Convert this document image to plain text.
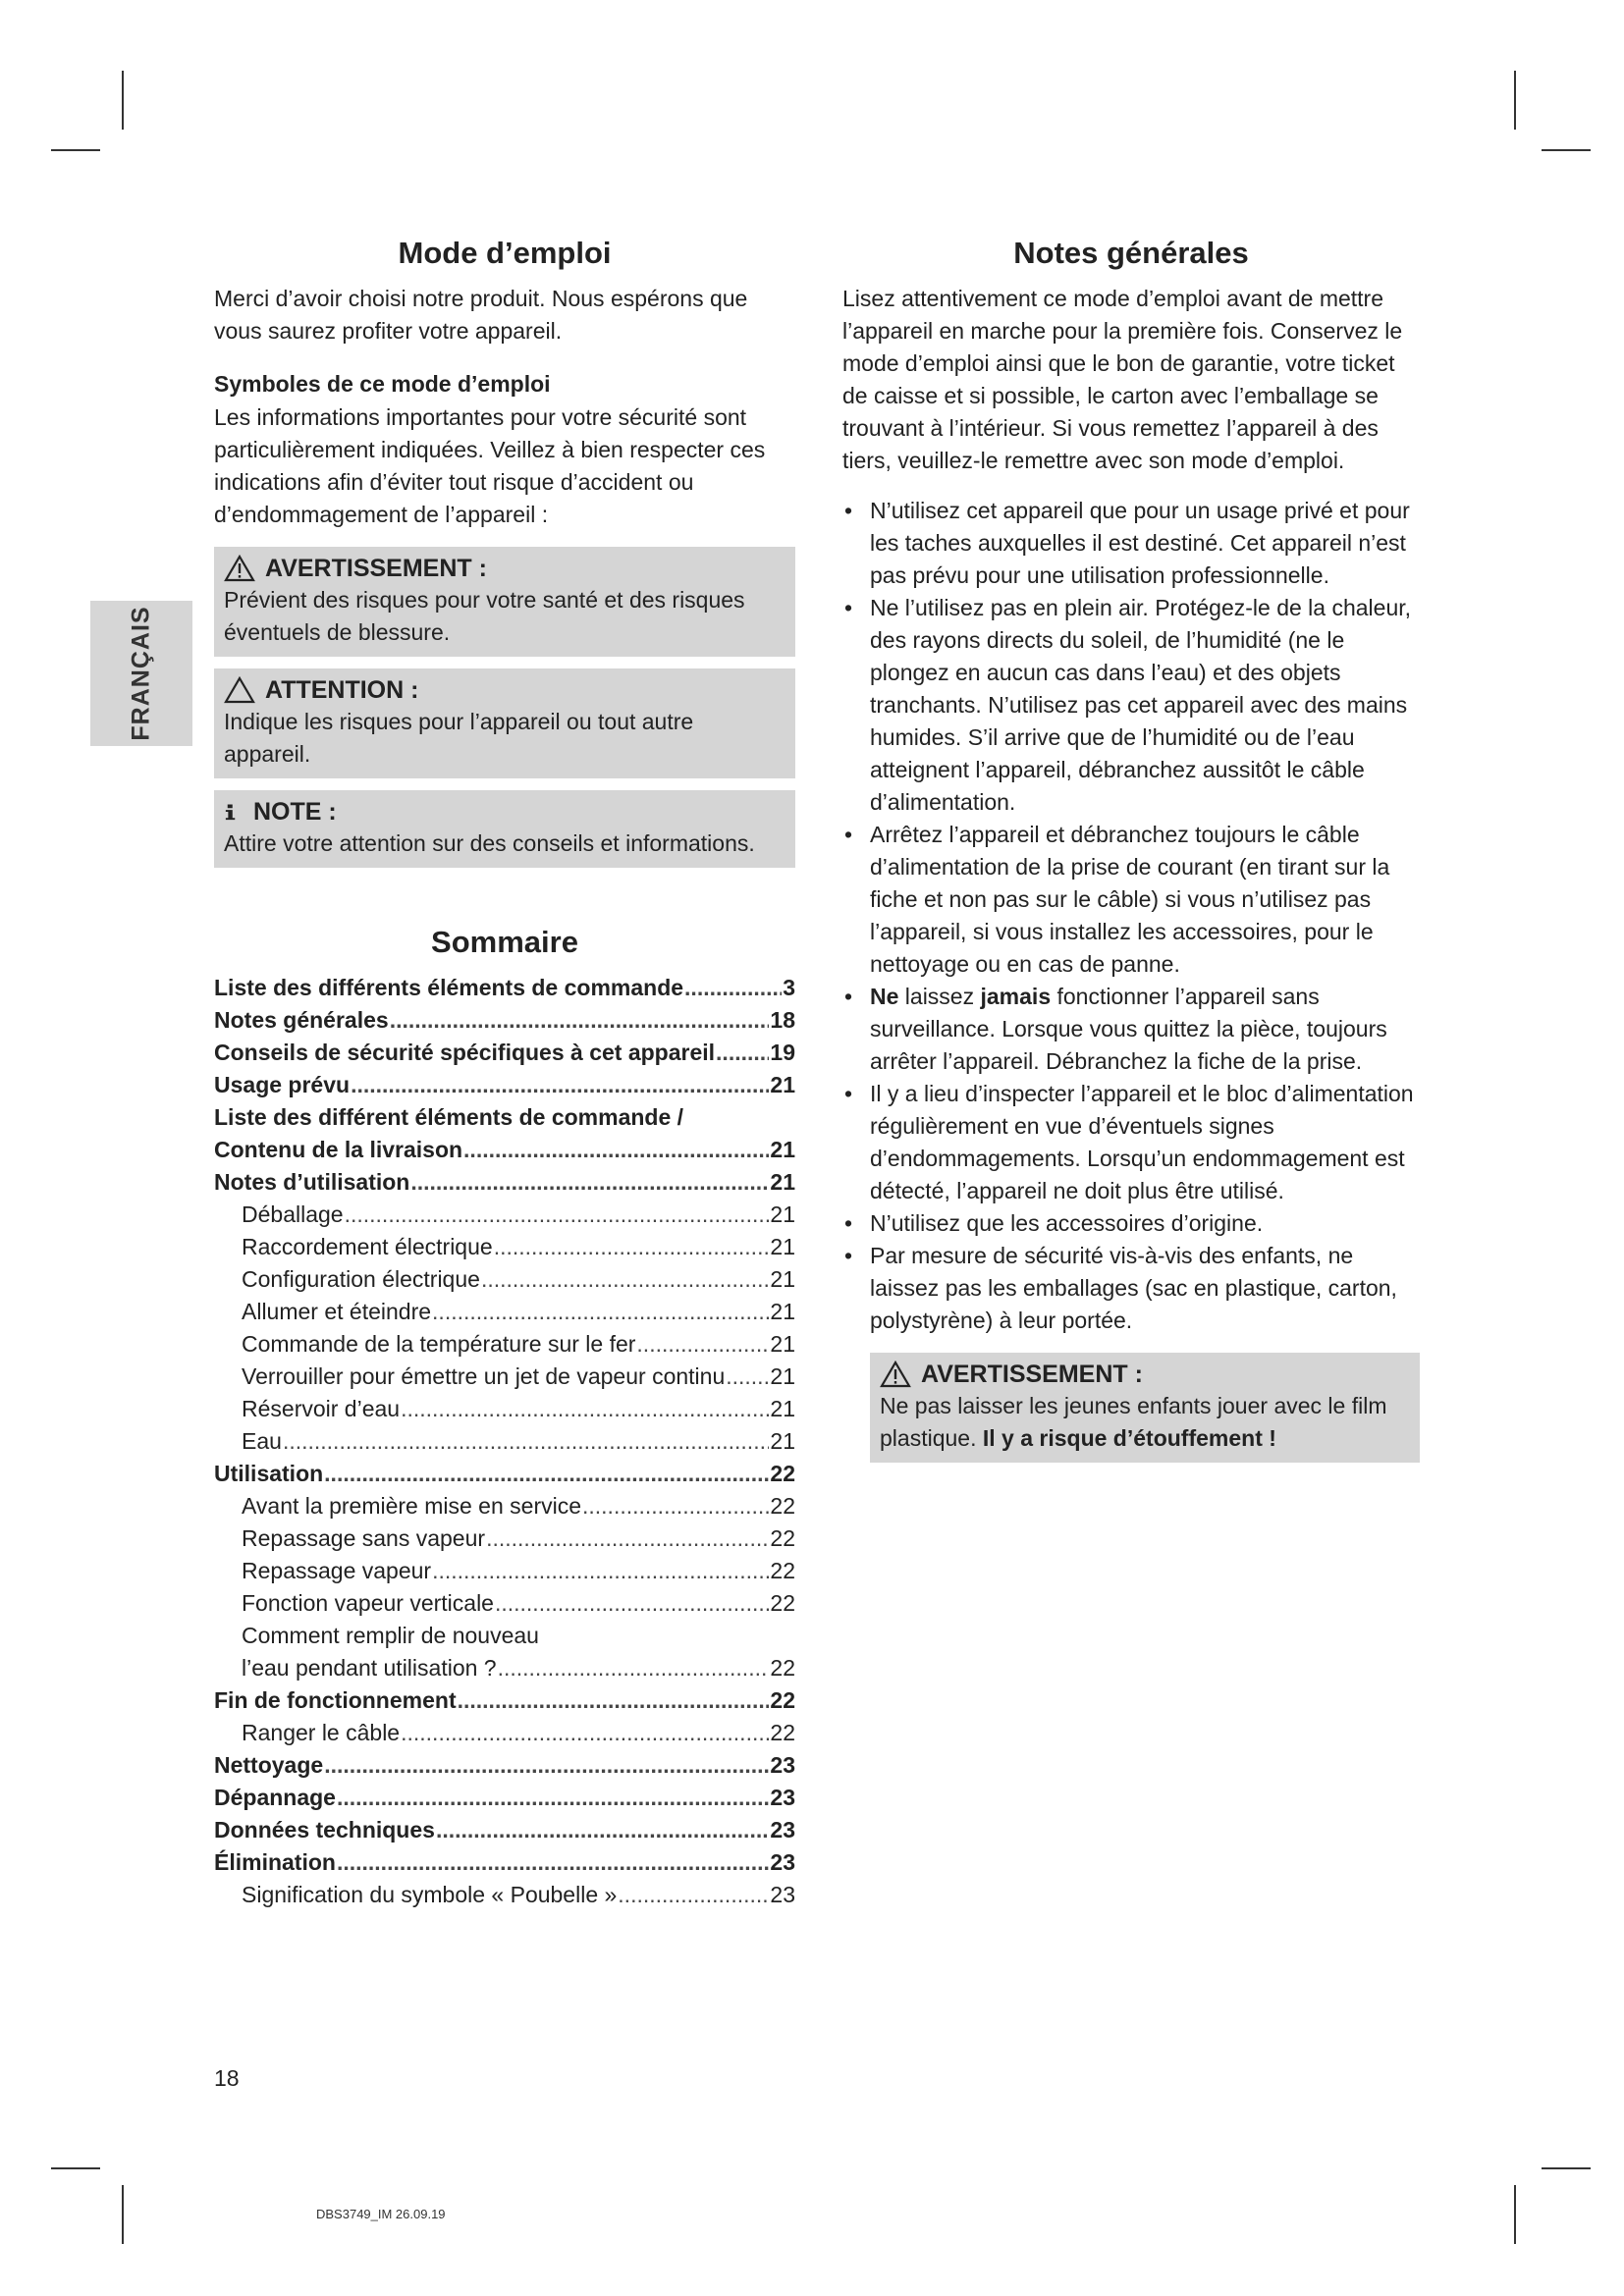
FRANÇAIS
Mode d’emploi

Merci d’avoir choisi notre produit. Nous espérons que vous saurez profiter votre appareil.

Symboles de ce mode d’emploi

Les informations importantes pour votre sécurité sont particulièrement indiquées. Veillez à bien respecter ces indications afin d’éviter tout risque d’accident ou d’endommagement de l’appareil :

AVERTISSEMENT :
Prévient des risques pour votre santé et des risques éventuels de blessure.
ATTENTION :
Indique les risques pour l’appareil ou tout autre appareil.
NOTE :
Attire votre attention sur des conseils et informations.
Sommaire
Liste des différents éléments de commande .....	3
Notes générales .....	18
Conseils de sécurité spécifiques à cet appareil ..... 19
Usage prévu .....	21
Liste des différent éléments de commande /
Contenu de la livraison .....	21
Notes d’utilisation .....	21
Déballage .....	21
Raccordement électrique .....	21
Configuration électrique .....	21
Allumer et éteindre .....	21
Commande de la température sur le fer .....	21
Verrouiller pour émettre un jet de vapeur continu ..... 21
Réservoir d’eau .....	21
Eau .....	21
Utilisation .....	22
Avant la première mise en service .....	22
Repassage sans vapeur .....	22
Repassage vapeur .....	22
Fonction vapeur verticale .....	22
Comment remplir de nouveau
l’eau pendant utilisation ? .....	22
Fin de fonctionnement .....	22
Ranger le câble .....	22
Nettoyage .....	23
Dépannage .....	23
Données techniques .....	23
Élimination .....	23
Signification du symbole « Poubelle » .....	23
Notes générales

Lisez attentivement ce mode d’emploi avant de mettre l’appareil en marche pour la première fois. Conservez le mode d’emploi ainsi que le bon de garantie, votre ticket de caisse et si possible, le carton avec l’emballage se trouvant à l’intérieur. Si vous remettez l’appareil à des tiers, veuillez-le remettre avec son mode d’emploi.

• N’utilisez cet appareil que pour un usage privé et pour les taches auxquelles il est destiné. Cet appareil n’est pas prévu pour une utilisation professionnelle.
• Ne l’utilisez pas en plein air. Protégez-le de la chaleur, des rayons directs du soleil, de l’humidité (ne le plongez en aucun cas dans l’eau) et des objets tranchants. N’utilisez pas cet appareil avec des mains humides. S’il arrive que de l’humidité ou de l’eau atteignent l’appareil, débranchez aussitôt le câble d’alimentation.
• Arrêtez l’appareil et débranchez toujours le câble d’alimentation de la prise de courant (en tirant sur la fiche et non pas sur le câble) si vous n’utilisez pas l’appareil, si vous installez les accessoires, pour le nettoyage ou en cas de panne.
• Ne laissez jamais fonctionner l’appareil sans surveillance. Lorsque vous quittez la pièce, toujours arrêter l’appareil. Débranchez la fiche de la prise.
• Il y a lieu d’inspecter l’appareil et le bloc d’alimentation régulièrement en vue d’éventuels signes d’endommagements. Lorsqu’un endommagement est détecté, l’appareil ne doit plus être utilisé.
• N’utilisez que les accessoires d’origine.
• Par mesure de sécurité vis-à-vis des enfants, ne laissez pas les emballages (sac en plastique, carton, polystyrène) à leur portée.
AVERTISSEMENT :
Ne pas laisser les jeunes enfants jouer avec le film plastique. Il y a risque d’étouffement !
18
DBS3749_IM 26.09.19
